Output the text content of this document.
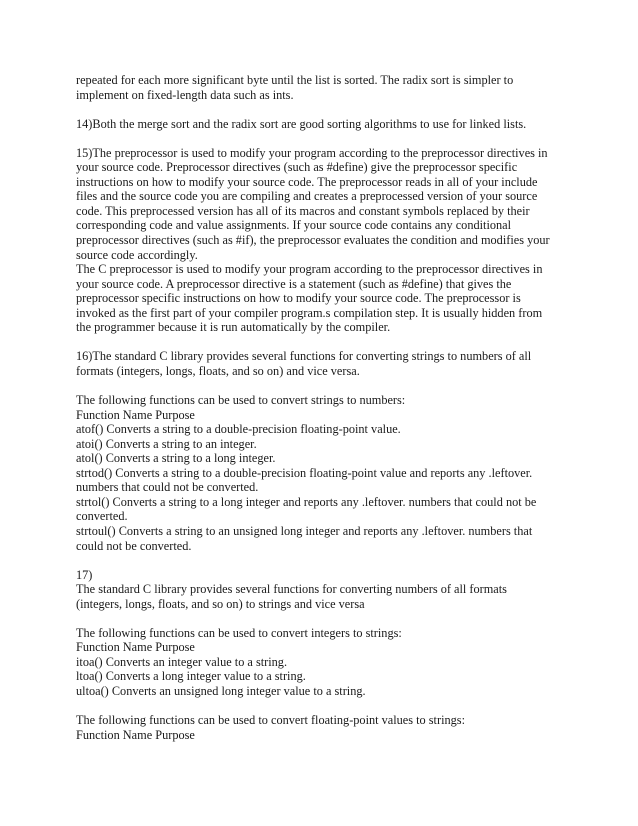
repeated for each more significant byte until the list is sorted. The radix sort is simpler to
implement on fixed-length data such as ints.
14)Both the merge sort and the radix sort are good sorting algorithms to use for linked lists.
15)The preprocessor is used to modify your program according to the preprocessor directives in
your source code. Preprocessor directives (such as #define) give the preprocessor specific
instructions on how to modify your source code. The preprocessor reads in all of your include
files and the source code you are compiling and creates a preprocessed version of your source
code. This preprocessed version has all of its macros and constant symbols replaced by their
corresponding code and value assignments. If your source code contains any conditional
preprocessor directives (such as #if), the preprocessor evaluates the condition and modifies your
source code accordingly.
The C preprocessor is used to modify your program according to the preprocessor directives in
your source code. A preprocessor directive is a statement (such as #define) that gives the
preprocessor specific instructions on how to modify your source code. The preprocessor is
invoked as the first part of your compiler program.s compilation step. It is usually hidden from
the programmer because it is run automatically by the compiler.
16)The standard C library provides several functions for converting strings to numbers of all
formats (integers, longs, floats, and so on) and vice versa.
The following functions can be used to convert strings to numbers:
Function Name Purpose
atof() Converts a string to a double-precision floating-point value.
atoi() Converts a string to an integer.
atol() Converts a string to a long integer.
strtod() Converts a string to a double-precision floating-point value and reports any .leftover.
numbers that could not be converted.
strtol() Converts a string to a long integer and reports any .leftover. numbers that could not be
converted.
strtoul() Converts a string to an unsigned long integer and reports any .leftover. numbers that
could not be converted.
17)
The standard C library provides several functions for converting numbers of all formats
(integers, longs, floats, and so on) to strings and vice versa
The following functions can be used to convert integers to strings:
Function Name Purpose
itoa() Converts an integer value to a string.
ltoa() Converts a long integer value to a string.
ultoa() Converts an unsigned long integer value to a string.
The following functions can be used to convert floating-point values to strings:
Function Name Purpose
